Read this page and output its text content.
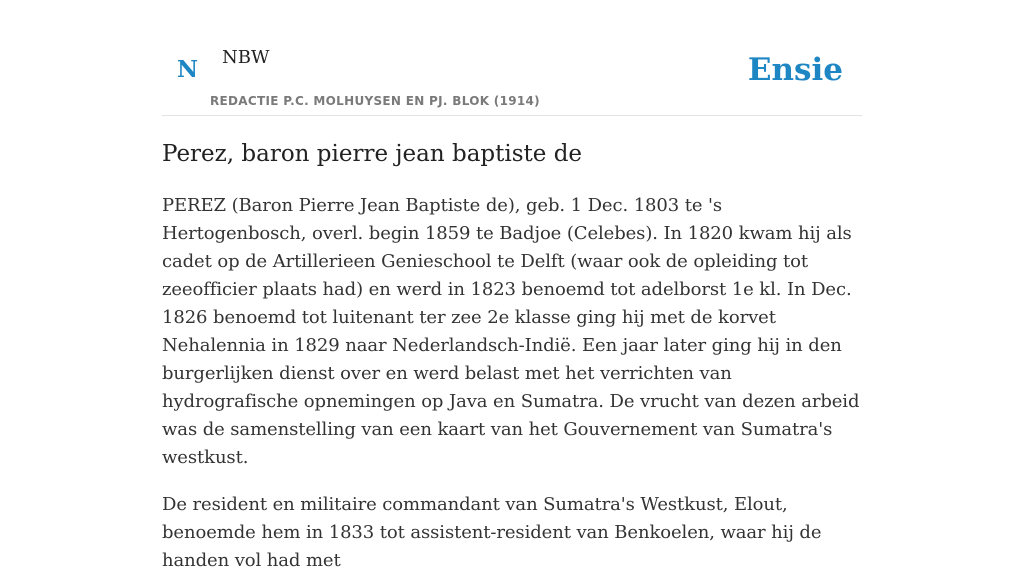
N NBW
REDACTIE P.C. MOLHUYSEN EN PJ. BLOK (1914)
Ensie
Perez, baron pierre jean baptiste de

PEREZ (Baron Pierre Jean Baptiste de), geb. 1 Dec. 1803 te 's Hertogenbosch, overl. begin 1859 te Badjoe (Celebes). In 1820 kwam hij als cadet op de Artillerieen Genieschool te Delft (waar ook de opleiding tot zeeofficier plaats had) en werd in 1823 benoemd tot adelborst 1e kl. In Dec. 1826 benoemd tot luitenant ter zee 2e klasse ging hij met de korvet Nehalennia in 1829 naar Nederlandsch-Indië. Een jaar later ging hij in den burgerlijken dienst over en werd belast met het verrichten van hydrografische opnemingen op Java en Sumatra. De vrucht van dezen arbeid was de samenstelling van een kaart van het Gouvernement van Sumatra's westkust.

De resident en militaire commandant van Sumatra's Westkust, Elout, benoemde hem in 1833 tot assistent-resident van Benkoelen, waar hij de handen vol had met
